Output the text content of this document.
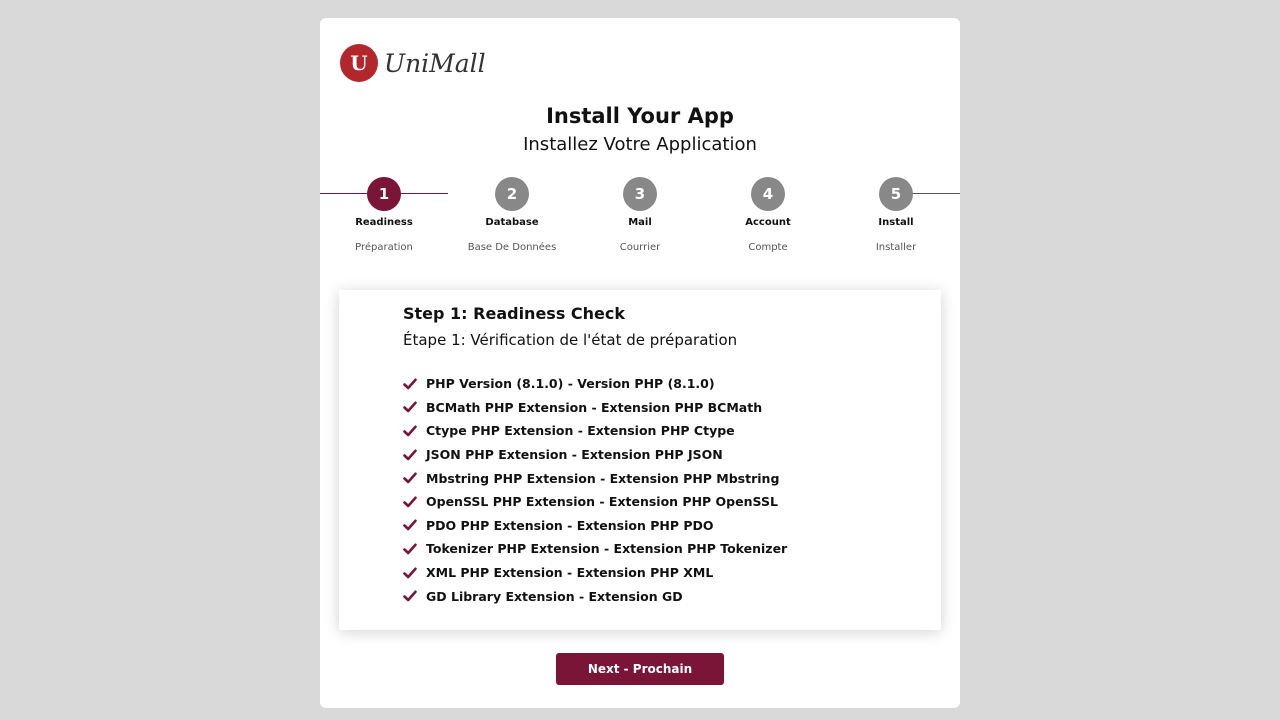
U UniMall
Install Your App
Installez Votre Application
1
Readiness
Préparation
2
Database
Base De Données
3
Mail
Courrier
4
Account
Compte
5
Install
Installer
Step 1: Readiness Check
Étape 1: Vérification de l'état de préparation
PHP Version (8.1.0) - Version PHP (8.1.0)
BCMath PHP Extension - Extension PHP BCMath
Ctype PHP Extension - Extension PHP Ctype
JSON PHP Extension - Extension PHP JSON
Mbstring PHP Extension - Extension PHP Mbstring
OpenSSL PHP Extension - Extension PHP OpenSSL
PDO PHP Extension - Extension PHP PDO
Tokenizer PHP Extension - Extension PHP Tokenizer
XML PHP Extension - Extension PHP XML
GD Library Extension - Extension GD
Next - Prochain
